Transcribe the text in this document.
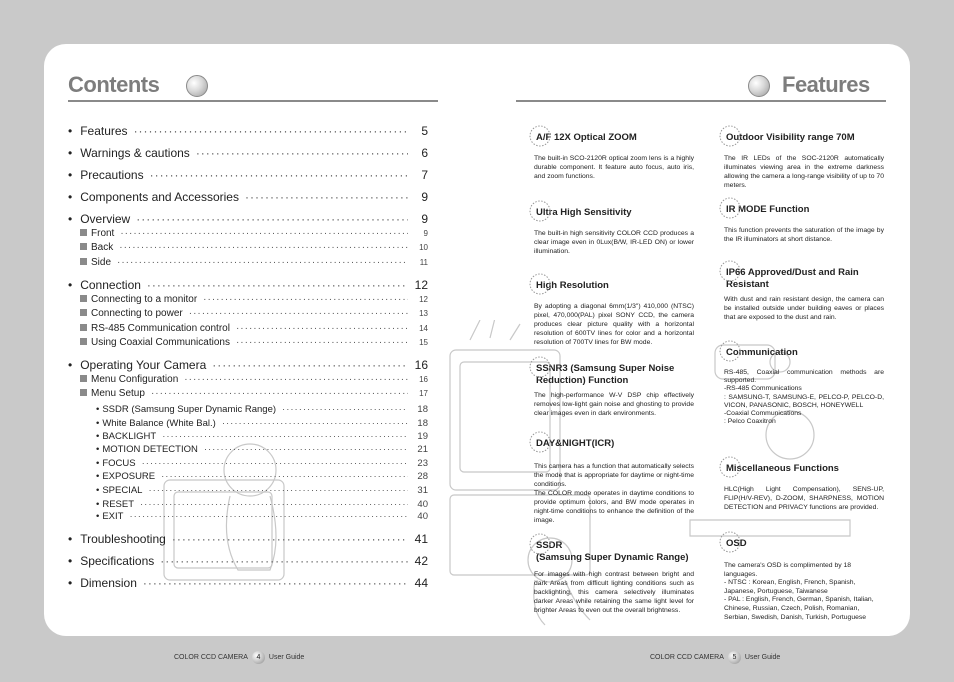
Contents	Features
• Features ·····	5
• Warnings & cautions ·····	6
• Precautions ·····	7
• Components and Accessories ·····	9
• Overview ·····	9
Front ·····	9
Back ·····	10
Side ·····	11
• Connection ·····	12
Connecting to a monitor ·····	12
Connecting to power ·····	13
RS-485 Communication control ·····	14
Using Coaxial Communications ·····	15
• Operating Your Camera ·····	16
Menu Configuration ·····	16
Menu Setup ·····	17
• SSDR (Samsung Super Dynamic Range) ·····	18
• White Balance (White Bal.) ·····	18
• BACKLIGHT ·····	19
• MOTION DETECTION ·····	21
• FOCUS ·····	23
• EXPOSURE ·····	28
• SPECIAL ·····	31
• RESET ·····	40
• EXIT ·····	40
• Troubleshooting ·····	41
• Specifications ·····	42
• Dimension ·····	44
A/F 12X Optical ZOOM
The built-in SCO-2120R optical zoom lens is a highly durable component. It feature auto focus, auto iris, and zoom functions.
Ultra High Sensitivity
The built-in high sensitivity COLOR CCD produces a clear image even in 0Lux(B/W, IR-LED ON) or lower illumination.
High Resolution
By adopting a diagonal 6mm(1/3") 410,000 (NTSC) pixel, 470,000(PAL) pixel SONY CCD, the camera produces clear picture quality with a horizontal resolution of 600TV lines for color and a horizontal resolution of 700TV lines for BW mode.
SSNR3 (Samsung Super Noise Reduction) Function
The high-performance W-V DSP chip effectively removes low-light gain noise and ghosting to provide clear images even in dark environments.
DAY&NIGHT(ICR)
This camera has a function that automatically selects the mode that is appropriate for daytime or night-time conditions.
The COLOR mode operates in daytime conditions to provide optimum colors, and BW mode operates in night-time conditions to enhance the definition of the image.
SSDR
(Samsung Super Dynamic Range)
For images with high contrast between bright and dark Areas from difficult lighting conditions such as backlighting, this camera selectively illuminates darker Areas while retaining the same light level for brighter Areas to even out the overall brightness.
Outdoor Visibility range 70M
The IR LEDs of the SOC-2120R automatically illuminates viewing area in the extreme darkness allowing the camera a long-range visibility of up to 70 meters.
IR MODE Function
This function prevents the saturation of the image by the IR illuminators at short distance.
IP66 Approved/Dust and Rain Resistant
With dust and rain resistant design, the camera can be installed outside under building eaves or places that are exposed to the dust and rain.
Communication
RS-485, Coaxial communication methods are supported.
-RS-485 Communications
: SAMSUNG-T, SAMSUNG-E, PELCO-P, PELCO-D, VICON, PANASONIC, BOSCH, HONEYWELL
-Coaxial Communications
: Pelco Coaxitron
Miscellaneous Functions
HLC(High Light Compensation), SENS-UP, FLIP(H/V-REV), D-ZOOM, SHARPNESS, MOTION DETECTION and PRIVACY functions are provided.
OSD
The camera's OSD is complimented by 18 languages.
- NTSC : Korean, English, French, Spanish, Japanese, Portuguese, Taiwanese
- PAL : English, French, German, Spanish, Italian, Chinese, Russian, Czech, Polish, Romanian, Serbian, Swedish, Danish, Turkish, Portuguese
COLOR CCD CAMERA	4	User Guide	COLOR CCD CAMERA	5	User Guide
